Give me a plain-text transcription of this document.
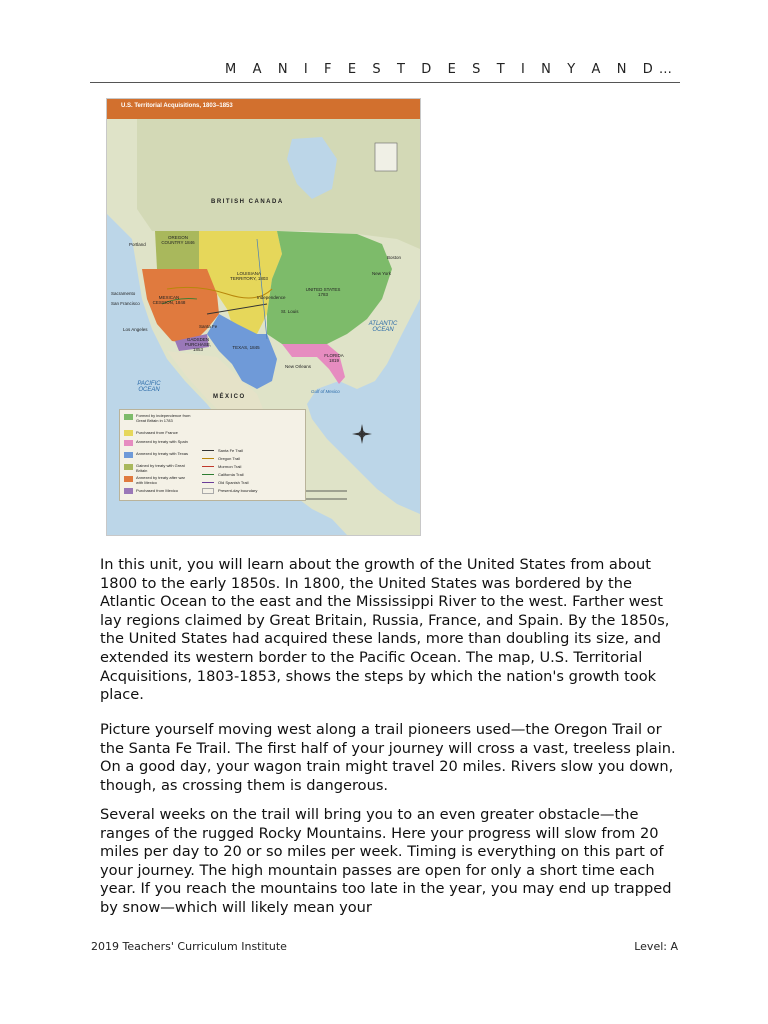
M A N I F E S T D E S T I N Y A N D…
U.S. Territorial Acquisitions, 1803–1853
BRITISH CANADA
OREGON COUNTRY 1846
LOUISIANA TERRITORY, 1803
UNITED STATES 1783
MEXICAN CESSION, 1848
TEXAS, 1845
GADSDEN PURCHASE, 1853
FLORIDA 1819
MÉXICO
PACIFIC OCEAN
ATLANTIC OCEAN
Gulf of Mexico
Portland
Los Angeles
Santa Fe
Boston
New York
New Orleans
Sacramento
San Francisco
Independence
St. Louis
Formed by independence from Great Britain in 1783
Purchased from France
Annexed by treaty with Spain
Annexed by treaty with Texas
Gained by treaty with Great Britain
Annexed by treaty after war with Mexico
Purchased from Mexico
Santa Fe Trail
Oregon Trail
Mormon Trail
California Trail
Old Spanish Trail
Present-day boundary

In this unit, you will learn about the growth of the United States from about 1800 to the early 1850s. In 1800, the United States was bordered by the Atlantic Ocean to the east and the Mississippi River to the west. Farther west lay regions claimed by Great Britain, Russia, France, and Spain. By the 1850s, the United States had acquired these lands, more than doubling its size, and extended its western border to the Pacific Ocean. The map, U.S. Territorial Acquisitions, 1803-1853, shows the steps by which the nation's growth took place.

Picture yourself moving west along a trail pioneers used—the Oregon Trail or the Santa Fe Trail. The first half of your journey will cross a vast, treeless plain. On a good day, your wagon train might travel 20 miles. Rivers slow you down, though, as crossing them is dangerous.

Several weeks on the trail will bring you to an even greater obstacle—the ranges of the rugged Rocky Mountains. Here your progress will slow from 20 miles per day to 20 or so miles per week. Timing is everything on this part of your journey. The high mountain passes are open for only a short time each year. If you reach the mountains too late in the year, you may end up trapped by snow—which will likely mean your

2019 Teachers' Curriculum Institute	Level: A
